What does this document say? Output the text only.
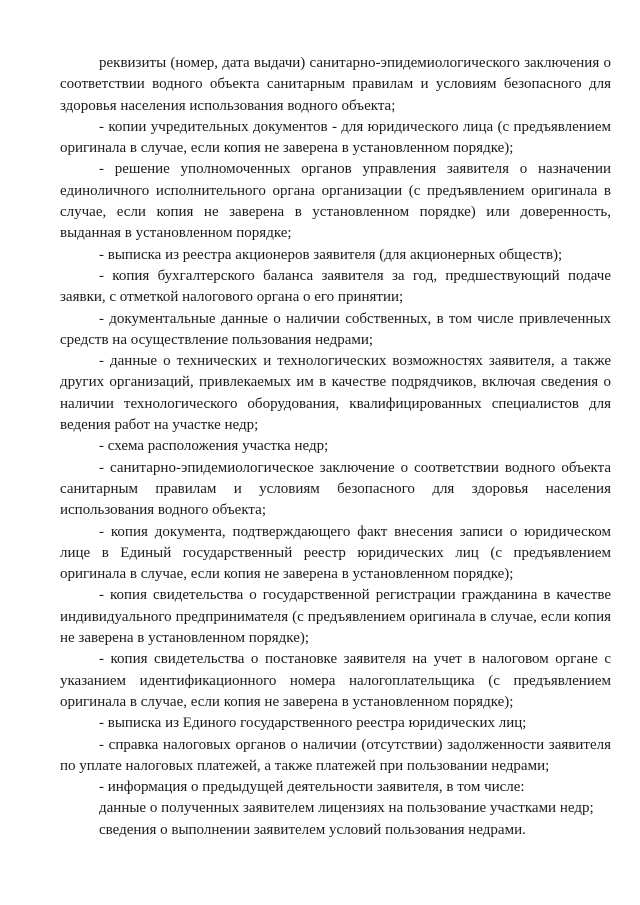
реквизиты (номер, дата выдачи) санитарно-эпидемиологического заключения о соответствии водного объекта санитарным правилам и условиям безопасного для здоровья населения использования водного объекта;

- копии учредительных документов - для юридического лица (с предъявлением оригинала в случае, если копия не заверена в установленном порядке);

- решение уполномоченных органов управления заявителя о назначении единоличного исполнительного органа организации (с предъявлением оригинала в случае, если копия не заверена в установленном порядке) или доверенность, выданная в установленном порядке;

- выписка из реестра акционеров заявителя (для акционерных обществ);

- копия бухгалтерского баланса заявителя за год, предшествующий подаче заявки, с отметкой налогового органа о его принятии;

- документальные данные о наличии собственных, в том числе привлеченных средств на осуществление пользования недрами;

- данные о технических и технологических возможностях заявителя, а также других организаций, привлекаемых им в качестве подрядчиков, включая сведения о наличии технологического оборудования, квалифицированных специалистов для ведения работ на участке недр;

- схема расположения участка недр;

- санитарно-эпидемиологическое заключение о соответствии водного объекта санитарным правилам и условиям безопасного для здоровья населения использования водного объекта;

- копия документа, подтверждающего факт внесения записи о юридическом лице в Единый государственный реестр юридических лиц (с предъявлением оригинала в случае, если копия не заверена в установленном порядке);

- копия свидетельства о государственной регистрации гражданина в качестве индивидуального предпринимателя (с предъявлением оригинала в случае, если копия не заверена в установленном порядке);

- копия свидетельства о постановке заявителя на учет в налоговом органе с указанием идентификационного номера налогоплательщика (с предъявлением оригинала в случае, если копия не заверена в установленном порядке);

- выписка из Единого государственного реестра юридических лиц;

- справка налоговых органов о наличии (отсутствии) задолженности заявителя по уплате налоговых платежей, а также платежей при пользовании недрами;

- информация о предыдущей деятельности заявителя, в том числе:

данные о полученных заявителем лицензиях на пользование участками недр;

сведения о выполнении заявителем условий пользования недрами.
